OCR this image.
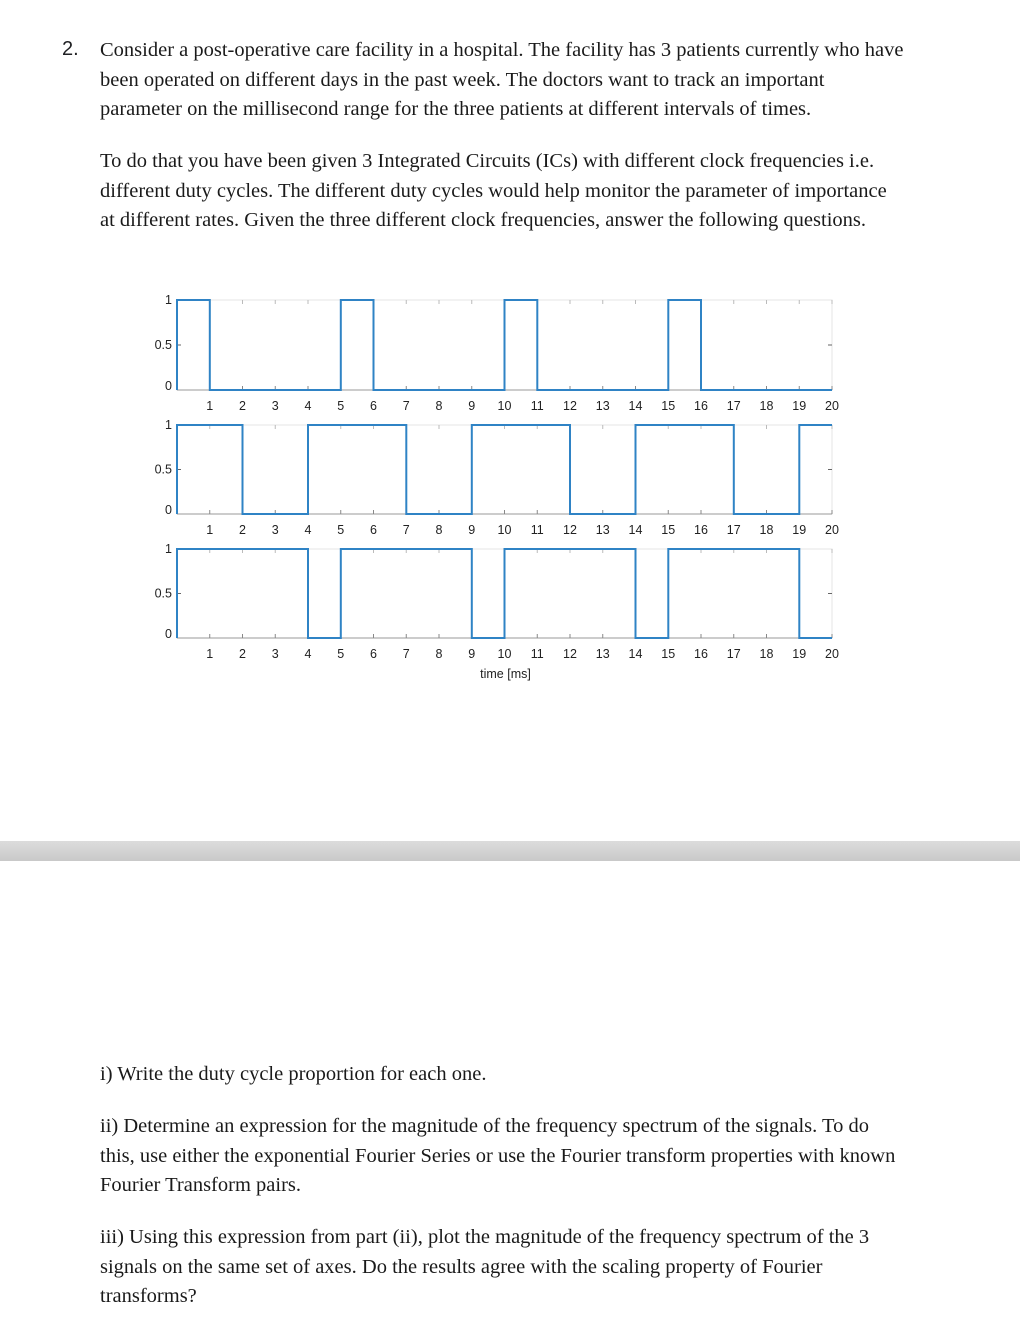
2. Consider a post-operative care facility in a hospital. The facility has 3 patients currently who have
been operated on different days in the past week. The doctors want to track an important
parameter on the millisecond range for the three patients at different intervals of times.
To do that you have been given 3 Integrated Circuits (ICs) with different clock frequencies i.e.
different duty cycles. The different duty cycles would help monitor the parameter of importance
at different rates. Given the three different clock frequencies, answer the following questions.
0
0.5
1
1 2 3 4 5 6 7 8 9 10 11 12 13 14 15 16 17 18 19 20
0
0.5
1
1 2 3 4 5 6 7 8 9 10 11 12 13 14 15 16 17 18 19 20
0
0.5
1
1 2 3 4 5 6 7 8 9 10 11 12 13 14 15 16 17 18 19 20
time [ms]
i) Write the duty cycle proportion for each one.
ii) Determine an expression for the magnitude of the frequency spectrum of the signals. To do
this, use either the exponential Fourier Series or use the Fourier transform properties with known
Fourier Transform pairs.
iii) Using this expression from part (ii), plot the magnitude of the frequency spectrum of the 3
signals on the same set of axes. Do the results agree with the scaling property of Fourier
transforms?
